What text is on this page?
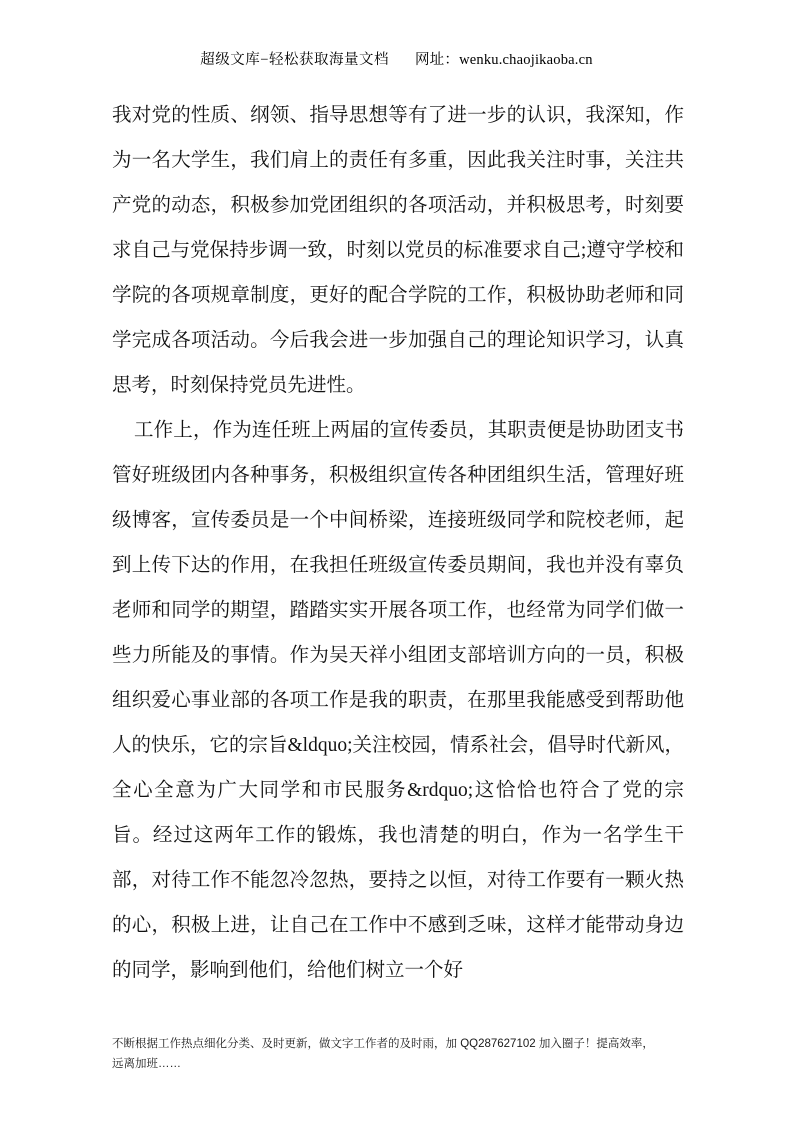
超级文库−轻松获取海量文档 网址：wenku.chaojikaoba.cn

我对党的性质、纲领、指导思想等有了进一步的认识，我深知，作为一名大学生，我们肩上的责任有多重，因此我关注时事，关注共产党的动态，积极参加党团组织的各项活动，并积极思考，时刻要求自己与党保持步调一致，时刻以党员的标准要求自己;遵守学校和学院的各项规章制度，更好的配合学院的工作，积极协助老师和同学完成各项活动。今后我会进一步加强自己的理论知识学习，认真思考，时刻保持党员先进性。

工作上，作为连任班上两届的宣传委员，其职责便是协助团支书管好班级团内各种事务，积极组织宣传各种团组织生活，管理好班级博客，宣传委员是一个中间桥梁，连接班级同学和院校老师，起到上传下达的作用，在我担任班级宣传委员期间，我也并没有辜负老师和同学的期望，踏踏实实开展各项工作，也经常为同学们做一些力所能及的事情。作为吴天祥小组团支部培训方向的一员，积极组织爱心事业部的各项工作是我的职责，在那里我能感受到帮助他人的快乐，它的宗旨&ldquo;关注校园，情系社会，倡导时代新风，全心全意为广大同学和市民服务&rdquo;这恰恰也符合了党的宗旨。经过这两年工作的锻炼，我也清楚的明白，作为一名学生干部，对待工作不能忽冷忽热，要持之以恒，对待工作要有一颗火热的心，积极上进，让自己在工作中不感到乏味，这样才能带动身边的同学，影响到他们，给他们树立一个好

不断根据工作热点细化分类、及时更新，做文字工作者的及时雨，加 QQ287627102 加入圈子！提高效率，
远离加班……
